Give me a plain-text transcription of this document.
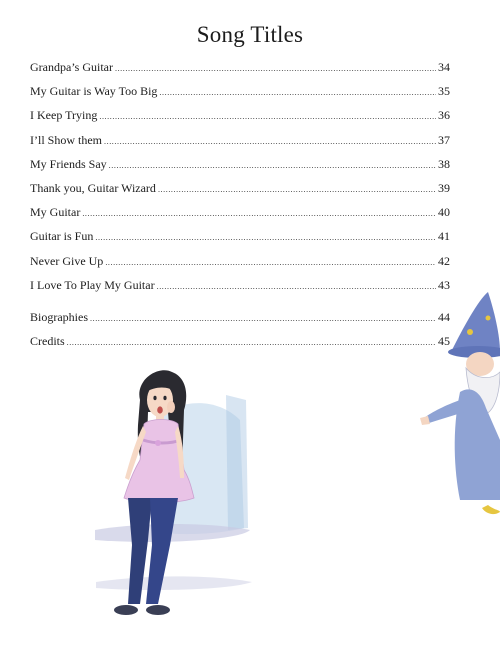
Song Titles
Grandpa’s Guitar .....	34
My Guitar is Way Too Big .....	35
I Keep Trying .....	36
I’ll Show them .....	37
My Friends Say .....	38
Thank you, Guitar Wizard .....	39
My Guitar .....	40
Guitar is Fun .....	41
Never Give Up .....	42
I Love To Play My Guitar .....	43
Biographies .....	44
Credits .....	45
